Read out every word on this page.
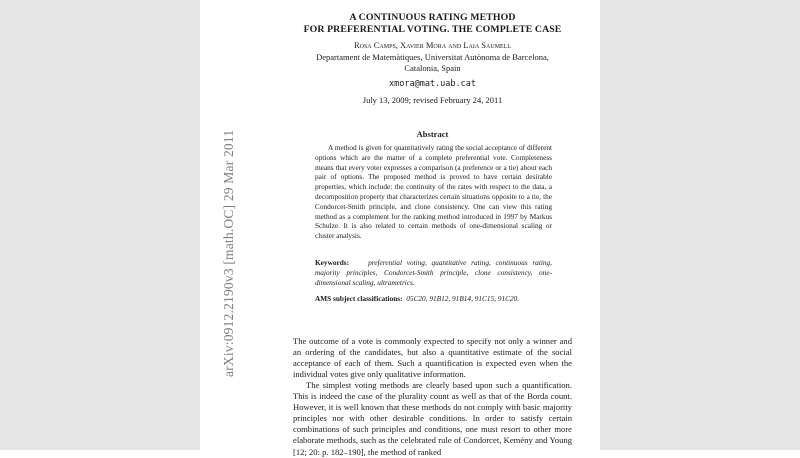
arXiv:0912.2190v3 [math.OC] 29 Mar 2011
A CONTINUOUS RATING METHOD
FOR PREFERENTIAL VOTING. THE COMPLETE CASE
Rosa Camps, Xavier Mora and Laia Saumell
Departament de Matemàtiques, Universitat Autònoma de Barcelona,
Catalonia, Spain
xmora@mat.uab.cat
July 13, 2009; revised February 24, 2011
Abstract

A method is given for quantitatively rating the social acceptance of different options which are the matter of a complete preferential vote. Completeness means that every voter expresses a comparison (a preference or a tie) about each pair of options. The proposed method is proved to have certain desirable properties, which include: the continuity of the rates with respect to the data, a decomposition property that characterizes certain situations opposite to a tie, the Condorcet-Smith principle, and clone consistency. One can view this rating method as a complement for the ranking method introduced in 1997 by Markus Schulze. It is also related to certain methods of one-dimensional scaling or cluster analysis.

Keywords:	preferential voting, quantitative rating, continuous rating, majority principles, Condorcet-Smith principle, clone consistency, one-dimensional scaling, ultrametrics.

AMS subject classifications: 05C20, 91B12, 91B14, 91C15, 91C20.

The outcome of a vote is commonly expected to specify not only a winner and an ordering of the candidates, but also a quantitative estimate of the social acceptance of each of them. Such a quantification is expected even when the individual votes give only qualitative information.

The simplest voting methods are clearly based upon such a quantification. This is indeed the case of the plurality count as well as that of the Borda count. However, it is well known that these methods do not comply with basic majority principles nor with other desirable conditions. In order to satisfy certain combinations of such principles and conditions, one must resort to other more elaborate methods, such as the celebrated rule of Condorcet, Kemény and Young [12; 20: p. 182–190], the method of ranked
